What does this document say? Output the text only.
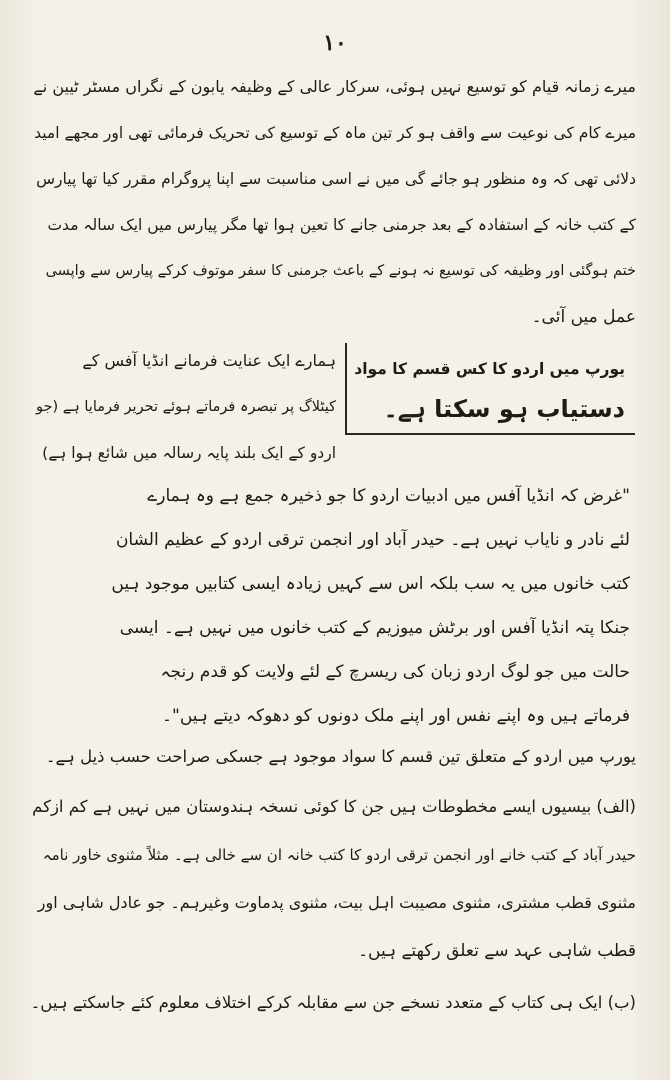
۱۰
میرے زمانہ قیام کو توسیع نہیں ہوئی، سرکار عالی کے وظیفہ یابون کے نگراں مسٹر ٹیین نے
میرے کام کی نوعیت سے واقف ہو کر تین ماہ کے توسیع کی تحریک فرمائی تھی اور مجھے امید
دلائی تھی کہ وہ منظور ہو جائے گی میں نے اسی مناسبت سے اپنا پروگرام مقرر کیا تھا پیارس
کے کتب خانہ کے استفادہ کے بعد جرمنی جانے کا تعین ہوا تھا مگر پیارس میں ایک سالہ مدت
ختم ہوگئی اور وظیفہ کی توسیع نہ ہونے کے باعث جرمنی کا سفر موتوف کرکے پیارس سے واپسی
عمل میں آئی۔
یورپ میں اردو کا کس قسم کا مواد
دستیاب ہو سکتا ہے۔
ہمارے ایک عنایت فرمانے انڈیا آفس کے
کیٹلاگ پر تبصرہ فرماتے ہوئے تحریر فرمایا ہے (جو
اردو کے ایک بلند پایہ رسالہ میں شائع ہوا ہے)
"غرض کہ انڈیا آفس میں ادبیات اردو کا جو ذخیرہ جمع ہے وہ ہمارے
لئے نادر و نایاب نہیں ہے۔ حیدر آباد اور انجمن ترقی اردو کے عظیم الشان
کتب خانوں میں یہ سب بلکہ اس سے کہیں زیادہ ایسی کتابیں موجود ہیں
جنکا پتہ انڈیا آفس اور برٹش میوزیم کے کتب خانوں میں نہیں ہے۔ ایسی
حالت میں جو لوگ اردو زبان کی ریسرچ کے لئے ولایت کو قدم رنجہ
فرماتے ہیں وہ اپنے نفس اور اپنے ملک دونوں کو دھوکہ دیتے ہیں"۔
یورپ میں اردو کے متعلق تین قسم کا سواد موجود ہے جسکی صراحت حسب ذیل ہے۔
(الف) بیسیوں ایسے مخطوطات ہیں جن کا کوئی نسخہ ہندوستان میں نہیں ہے کم ازکم
حیدر آباد کے کتب خانے اور انجمن ترقی اردو کا کتب خانہ ان سے خالی ہے۔ مثلاً مثنوی خاور نامہ
مثنوی قطب مشتری، مثنوی مصیبت اہل بیت، مثنوی پدماوت وغیرہم۔ جو عادل شاہی اور
قطب شاہی عہد سے تعلق رکھتے ہیں۔
(ب) ایک ہی کتاب کے متعدد نسخے جن سے مقابلہ کرکے اختلاف معلوم کئے جاسکتے ہیں۔
